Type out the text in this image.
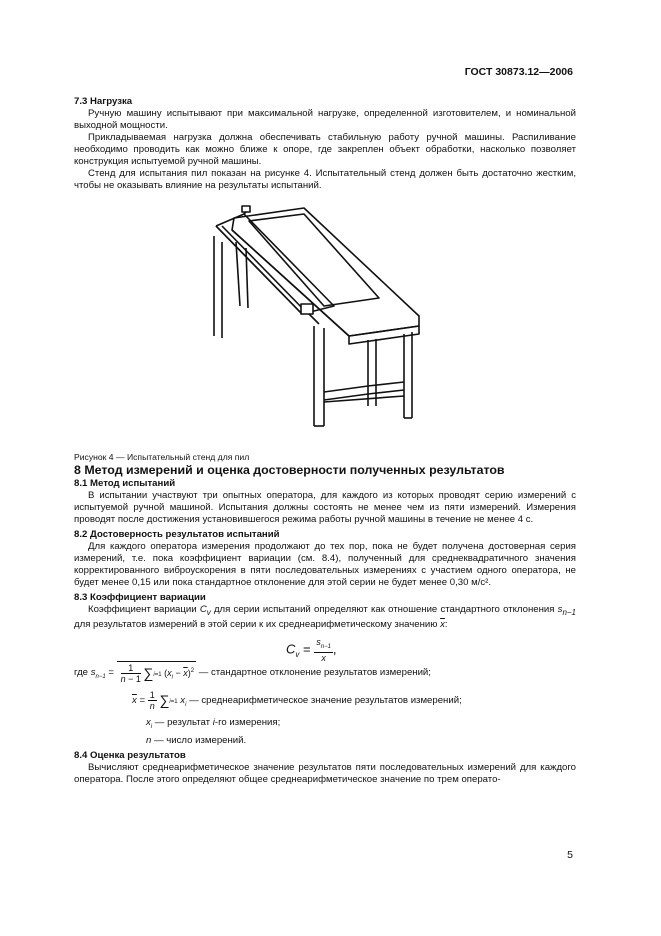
ГОСТ 30873.12—2006

7.3 Нагрузка

Ручную машину испытывают при максимальной нагрузке, определенной изготовителем, и номинальной выходной мощности.

Прикладываемая нагрузка должна обеспечивать стабильную работу ручной машины. Распиливание необходимо проводить как можно ближе к опоре, где закреплен объект обработки, насколько позволяет конструкция испытуемой ручной машины.

Стенд для испытания пил показан на рисунке 4. Испытательный стенд должен быть достаточно жестким, чтобы не оказывать влияние на результаты испытаний.

Рисунок 4 — Испытательный стенд для пил

8 Метод измерений и оценка достоверности полученных результатов

8.1 Метод испытаний

В испытании участвуют три опытных оператора, для каждого из которых проводят серию измерений с испытуемой ручной машиной. Испытания должны состоять не менее чем из пяти измерений. Измерения проводят после достижения установившегося режима работы ручной машины в течение не менее 4 с.

8.2 Достоверность результатов испытаний

Для каждого оператора измерения продолжают до тех пор, пока не будет получена достоверная серия измерений, т.е. пока коэффициент вариации (см. 8.4), полученный для среднеквадратичного значения корректированного виброускорения в пяти последовательных измерениях с участием одного оператора, не будет менее 0,15 или пока стандартное отклонение для этой серии не будет менее 0,30 м/с².

8.3 Коэффициент вариации

Коэффициент вариации $C_v$ для серии испытаний определяют как отношение стандартного отклонения $s_{n-1}$ для результатов измерений в этой серии к их среднеарифметическому значению $\overline{x}$:

$C_v = \frac{s_{n-1}}{x}$ ,
где $s_{n-1} = \frac{1}{n - 1} \sum i=1$ $(x_i - \overline{x})^2$ — стандартное отклонение результатов измерений;
$\overline{x} = \frac{1}{n} \sum i=1$ $x_i$ — среднеарифметическое значение результатов измерений;
$x_i$ — результат i-го измерения;
n — число измерений.

8.4 Оценка результатов

Вычисляют среднеарифметическое значение результатов пяти последовательных измерений для каждого оператора. После этого определяют общее среднеарифметическое значение по трем операто-

5
